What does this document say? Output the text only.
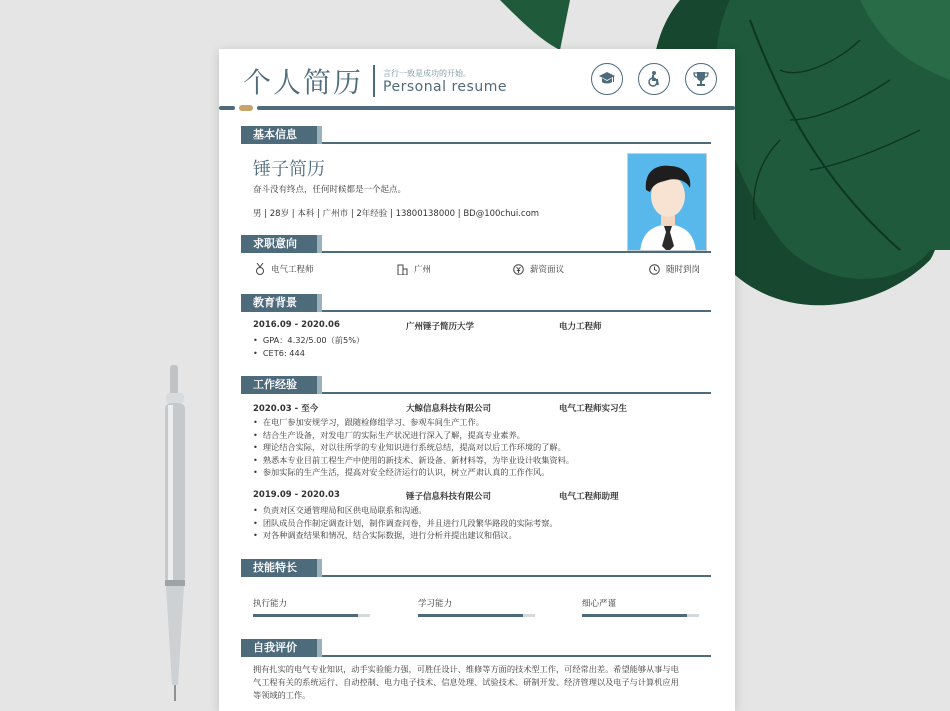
个人简历	言行一致是成功的开始。
Personal resume
基本信息
锤子简历
奋斗没有终点，任何时候都是一个起点。
男 | 28岁 | 本科 | 广州市 | 2年经验 | 13800138000 | BD@100chui.com
求职意向
电气工程师	广州	薪资面议	随时到岗
教育背景
2016.09 - 2020.06	广州锤子简历大学	电力工程师
• GPA：4.32/5.00（前5%）
• CET6: 444
工作经验
2020.03 - 至今	大鲸信息科技有限公司	电气工程师实习生
• 在电厂参加安规学习，跟随检修组学习、参观车间生产工作。
• 结合生产设备，对发电厂的实际生产状况进行深入了解，提高专业素养。
• 理论结合实际，对以往所学的专业知识进行系统总结，提高对以后工作环境的了解。
• 熟悉本专业目前工程生产中使用的新技术、新设备、新材料等，为毕业设计收集资料。
• 参加实际的生产生活，提高对安全经济运行的认识，树立严肃认真的工作作风。
2019.09 - 2020.03	锤子信息科技有限公司	电气工程师助理
• 负责对区交通管理局和区供电局联系和沟通。
• 团队成员合作制定调查计划，制作调查问卷，并且进行几段繁华路段的实际考察。
• 对各种调查结果和情况，结合实际数据，进行分析并提出建议和倡议。
技能特长
执行能力	学习能力	细心严谨
自我评价
拥有扎实的电气专业知识，动手实验能力强，可胜任设计、维修等方面的技术型工作，可经常出差。希望能够从事与电
气工程有关的系统运行、自动控制、电力电子技术、信息处理、试验技术、研制开发、经济管理以及电子与计算机应用
等领域的工作。
